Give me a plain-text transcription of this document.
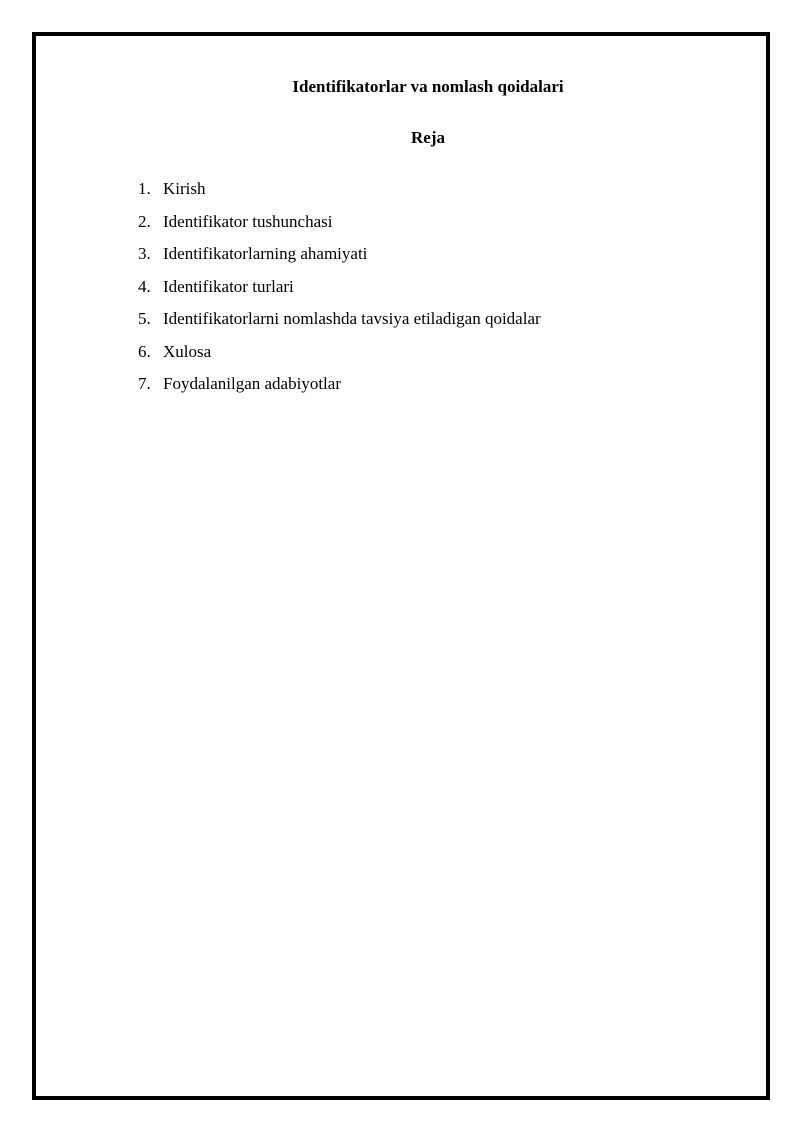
Identifikatorlar va nomlash qoidalari
Reja
1. Kirish
2. Identifikator tushunchasi
3. Identifikatorlarning ahamiyati
4. Identifikator turlari
5. Identifikatorlarni nomlashda tavsiya etiladigan qoidalar
6. Xulosa
7. Foydalanilgan adabiyotlar
